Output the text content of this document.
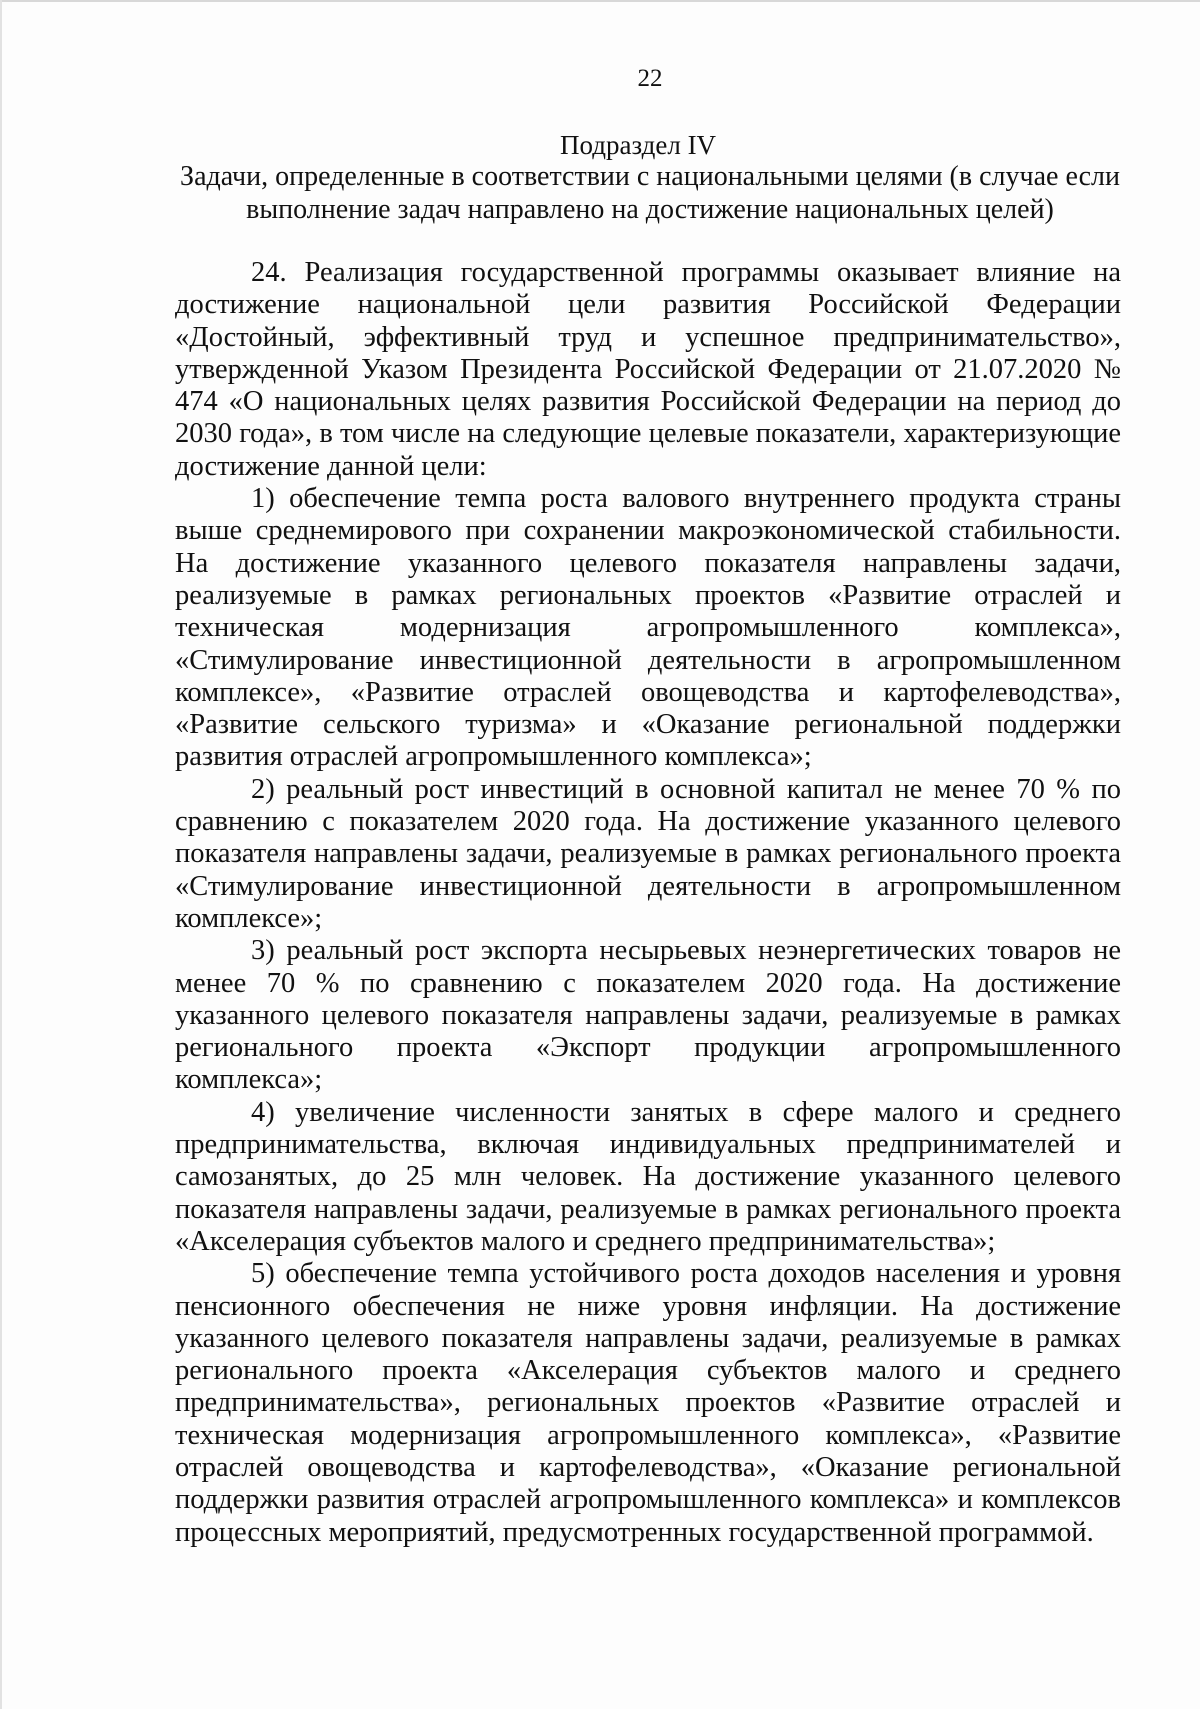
22
Подраздел IV
Задачи, определенные в соответствии с национальными целями (в случае если выполнение задач направлено на достижение национальных целей)

24. Реализация государственной программы оказывает влияние на достижение национальной цели развития Российской Федерации «Достойный, эффективный труд и успешное предпринимательство», утвержденной Указом Президента Российской Федерации от 21.07.2020 № 474 «О национальных целях развития Российской Федерации на период до 2030 года», в том числе на следующие целевые показатели, характеризующие достижение данной цели:

1) обеспечение темпа роста валового внутреннего продукта страны выше среднемирового при сохранении макроэкономической стабильности. На достижение указанного целевого показателя направлены задачи, реализуемые в рамках региональных проектов «Развитие отраслей и техническая модернизация агропромышленного комплекса», «Стимулирование инвестиционной деятельности в агропромышленном комплексе», «Развитие отраслей овощеводства и картофелеводства», «Развитие сельского туризма» и «Оказание региональной поддержки развития отраслей агропромышленного комплекса»;

2) реальный рост инвестиций в основной капитал не менее 70 % по сравнению с показателем 2020 года. На достижение указанного целевого показателя направлены задачи, реализуемые в рамках регионального проекта «Стимулирование инвестиционной деятельности в агропромышленном комплексе»;

3) реальный рост экспорта несырьевых неэнергетических товаров не менее 70 % по сравнению с показателем 2020 года. На достижение указанного целевого показателя направлены задачи, реализуемые в рамках регионального проекта «Экспорт продукции агропромышленного комплекса»;

4) увеличение численности занятых в сфере малого и среднего предпринимательства, включая индивидуальных предпринимателей и самозанятых, до 25 млн человек. На достижение указанного целевого показателя направлены задачи, реализуемые в рамках регионального проекта «Акселерация субъектов малого и среднего предпринимательства»;

5) обеспечение темпа устойчивого роста доходов населения и уровня пенсионного обеспечения не ниже уровня инфляции. На достижение указанного целевого показателя направлены задачи, реализуемые в рамках регионального проекта «Акселерация субъектов малого и среднего предпринимательства», региональных проектов «Развитие отраслей и техническая модернизация агропромышленного комплекса», «Развитие отраслей овощеводства и картофелеводства», «Оказание региональной поддержки развития отраслей агропромышленного комплекса» и комплексов процессных мероприятий, предусмотренных государственной программой.
